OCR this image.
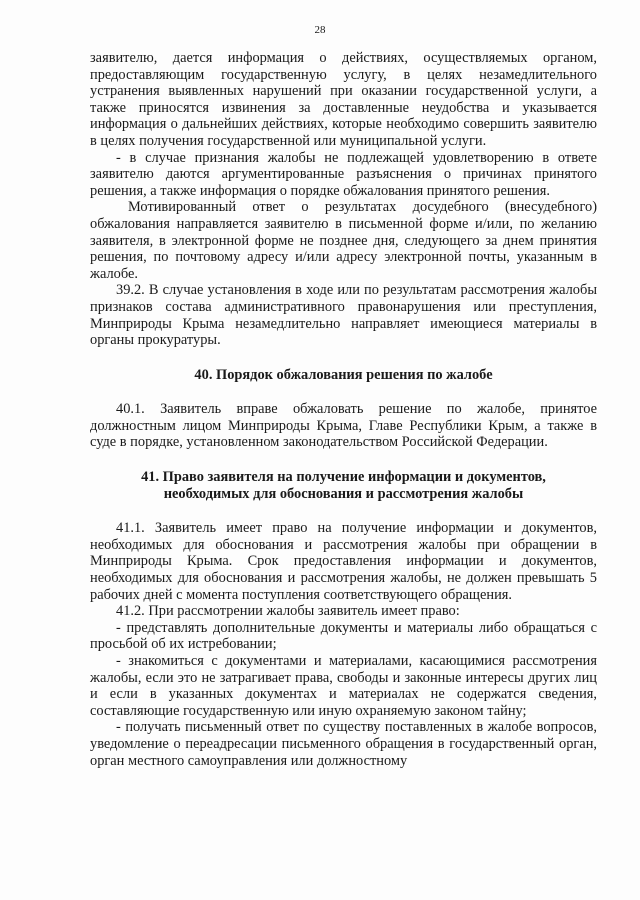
28

заявителю, дается информация о действиях, осуществляемых органом, предоставляющим государственную услугу, в целях незамедлительного устранения выявленных нарушений при оказании государственной услуги, а также приносятся извинения за доставленные неудобства и указывается информация о дальнейших действиях, которые необходимо совершить заявителю в целях получения государственной или муниципальной услуги.

- в случае признания жалобы не подлежащей удовлетворению в ответе заявителю даются аргументированные разъяснения о причинах принятого решения, а также информация о порядке обжалования принятого решения.

Мотивированный ответ о результатах досудебного (внесудебного) обжалования направляется заявителю в письменной форме и/или, по желанию заявителя, в электронной форме не позднее дня, следующего за днем принятия решения, по почтовому адресу и/или адресу электронной почты, указанным в жалобе.

39.2. В случае установления в ходе или по результатам рассмотрения жалобы признаков состава административного правонарушения или преступления, Минприроды Крыма незамедлительно направляет имеющиеся материалы в органы прокуратуры.

40. Порядок обжалования решения по жалобе

40.1. Заявитель вправе обжаловать решение по жалобе, принятое должностным лицом Минприроды Крыма, Главе Республики Крым, а также в суде в порядке, установленном законодательством Российской Федерации.

41. Право заявителя на получение информации и документов,

необходимых для обоснования и рассмотрения жалобы

41.1. Заявитель имеет право на получение информации и документов, необходимых для обоснования и рассмотрения жалобы при обращении в Минприроды Крыма. Срок предоставления информации и документов, необходимых для обоснования и рассмотрения жалобы, не должен превышать 5 рабочих дней с момента поступления соответствующего обращения.

41.2. При рассмотрении жалобы заявитель имеет право:

- представлять дополнительные документы и материалы либо обращаться с просьбой об их истребовании;

- знакомиться с документами и материалами, касающимися рассмотрения жалобы, если это не затрагивает права, свободы и законные интересы других лиц и если в указанных документах и материалах не содержатся сведения, составляющие государственную или иную охраняемую законом тайну;

- получать письменный ответ по существу поставленных в жалобе вопросов, уведомление о переадресации письменного обращения в государственный орган, орган местного самоуправления или должностному
